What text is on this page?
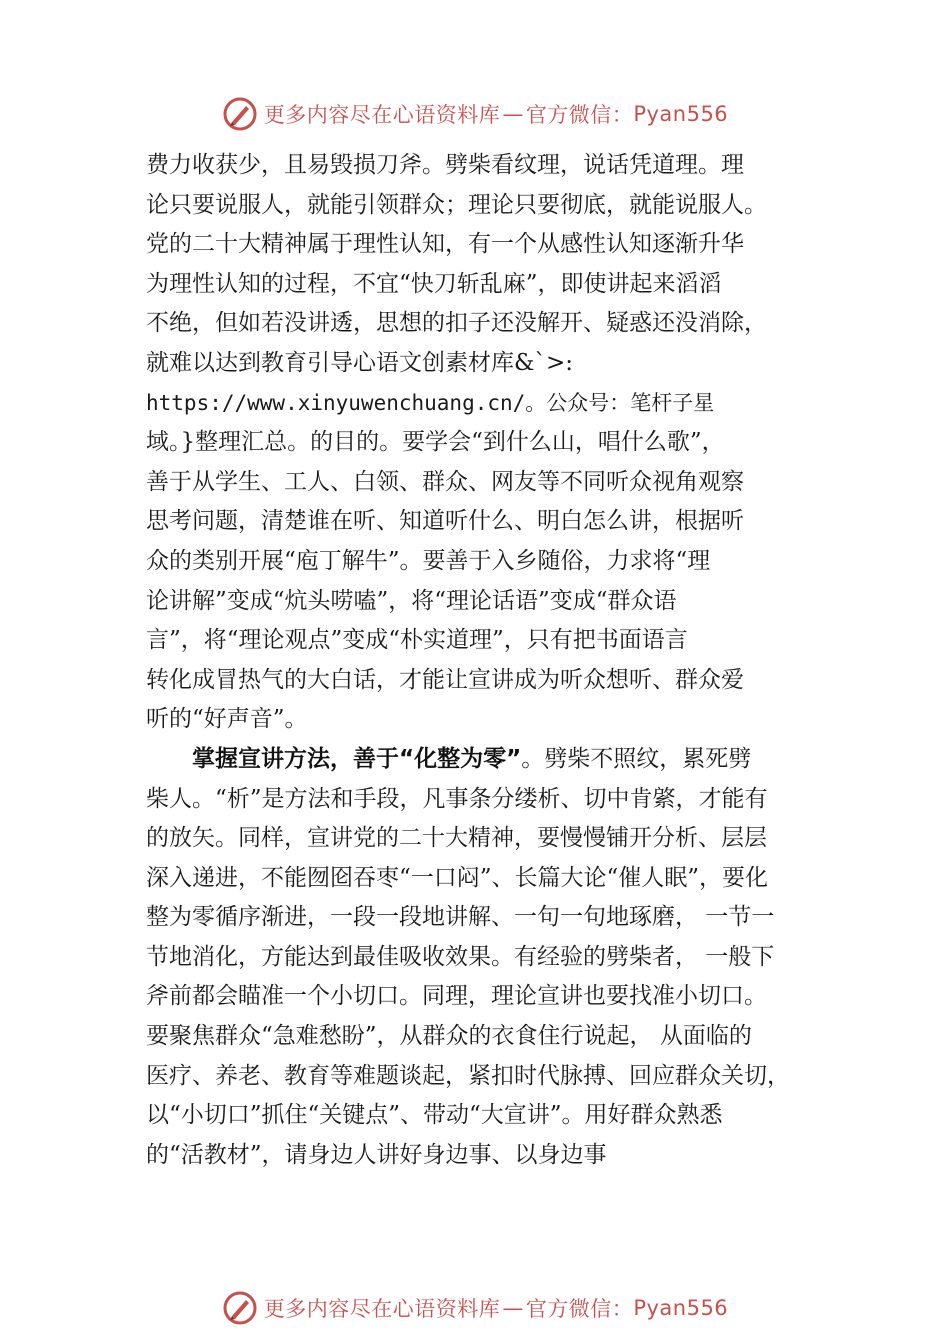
更多内容尽在心语资料库 — 官方微信： Pyan556
费力收获少，且易毁损刀斧。劈柴看纹理，说话凭道理。理
论只要说服人，就能引领群众；理论只要彻底，就能说服人。
党的二十大精神属于理性认知，有一个从感性认知逐渐升华
为理性认知的过程，不宜“快刀斩乱麻”，即使讲起来滔滔
不绝，但如若没讲透，思想的扣子还没解开、疑惑还没消除，
就难以达到教育引导心语文创素材库&`>:
https://www.xinyuwenchuang.cn/。公众号：笔杆子星
域。}整理汇总。的目的。要学会“到什么山，唱什么歌”，
善于从学生、工人、白领、群众、网友等不同听众视角观察
思考问题，清楚谁在听、知道听什么、明白怎么讲，根据听
众的类别开展“庖丁解牛”。要善于入乡随俗，力求将“理
论讲解”变成“炕头唠嗑”，将“理论话语”变成“群众语
言”，将“理论观点”变成“朴实道理”，只有把书面语言
转化成冒热气的大白话，才能让宣讲成为听众想听、群众爱
听的“好声音”。
掌握宣讲方法，善于“化整为零”。劈柴不照纹，累死劈
柴人。“析”是方法和手段，凡事条分缕析、切中肯綮，才能有
的放矢。同样，宣讲党的二十大精神，要慢慢铺开分析、层层
深入递进，不能囫囵吞枣“一口闷”、长篇大论“催人眠”，要化
整为零循序渐进，一段一段地讲解、一句一句地琢磨， 一节一
节地消化，方能达到最佳吸收效果。有经验的劈柴者， 一般下
斧前都会瞄准一个小切口。同理，理论宣讲也要找准小切口。
要聚焦群众“急难愁盼”，从群众的衣食住行说起， 从面临的
医疗、养老、教育等难题谈起，紧扣时代脉搏、回应群众关切，
以“小切口”抓住“关键点”、带动“大宣讲”。用好群众熟悉
的“活教材”，请身边人讲好身边事、以身边事
更多内容尽在心语资料库 — 官方微信： Pyan556
